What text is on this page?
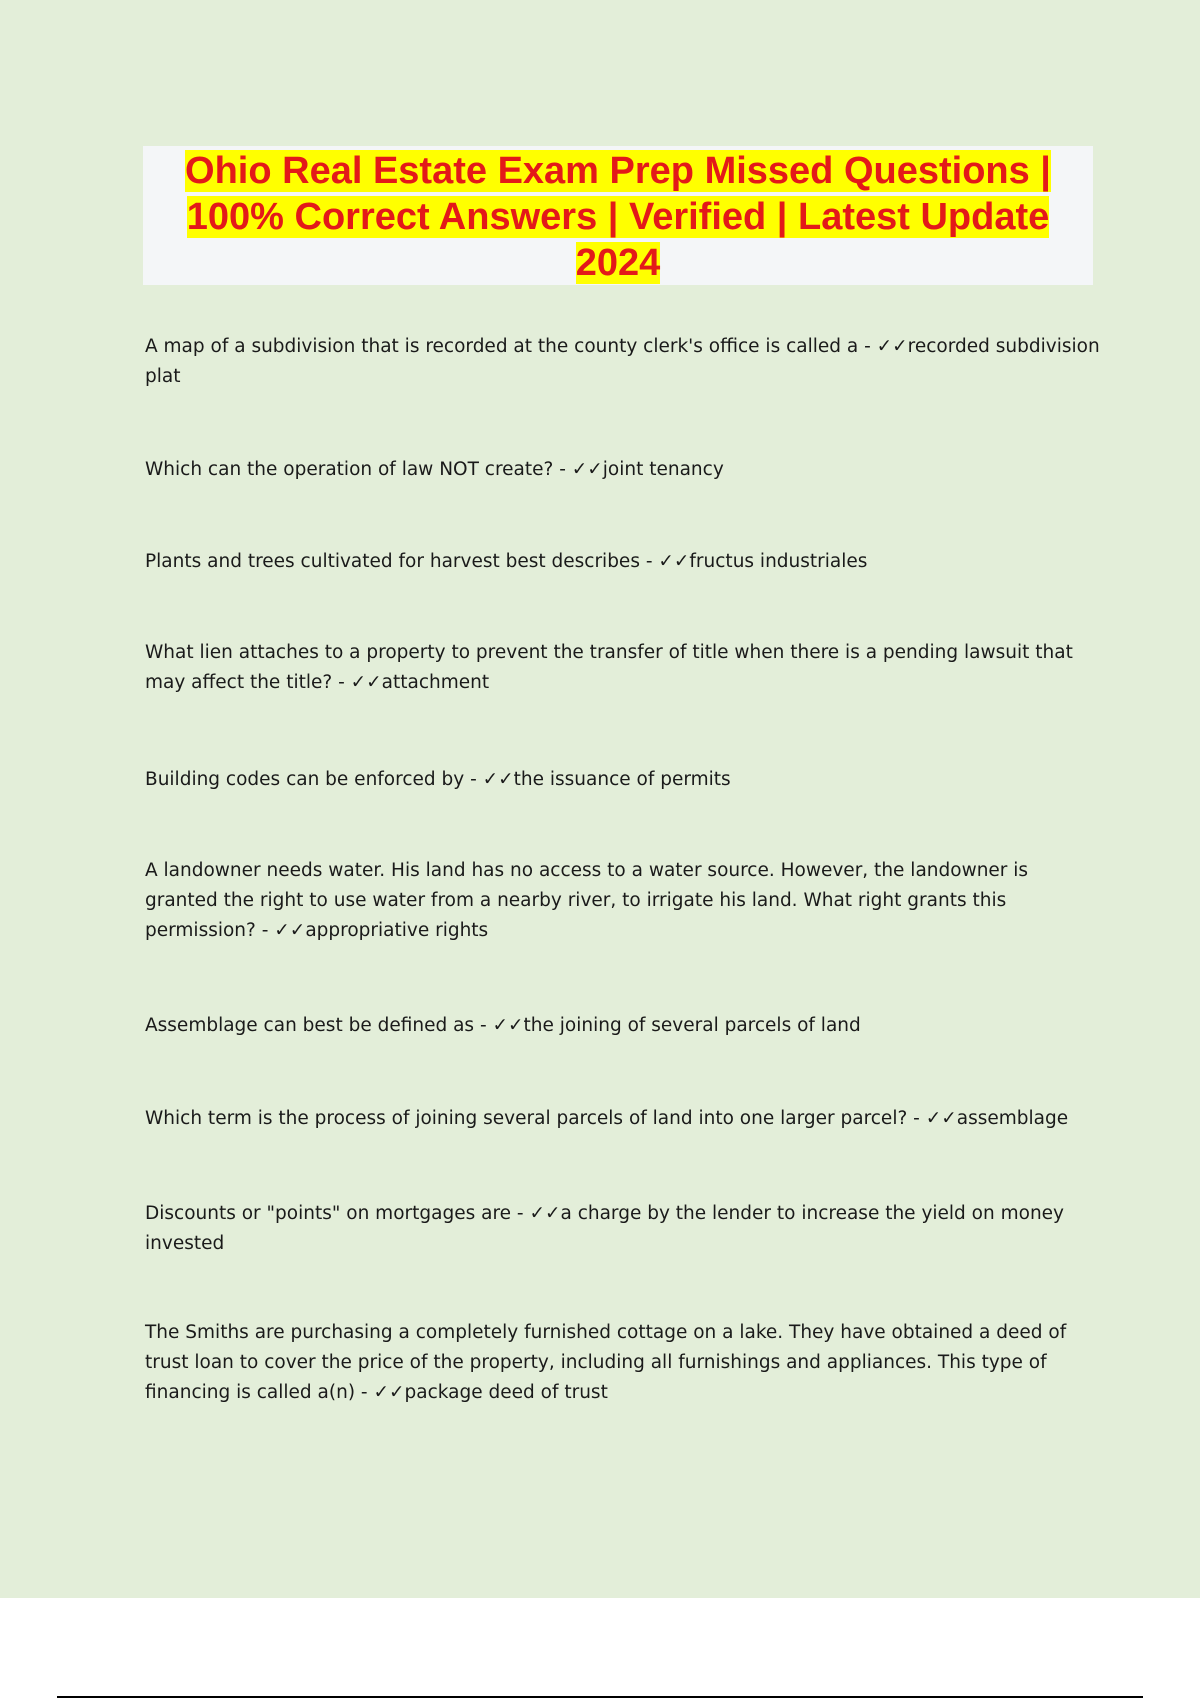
Ohio Real Estate Exam Prep Missed Questions | 100% Correct Answers | Verified | Latest Update 2024

A map of a subdivision that is recorded at the county clerk's office is called a - ✓✓recorded subdivision plat

Which can the operation of law NOT create? - ✓✓joint tenancy

Plants and trees cultivated for harvest best describes - ✓✓fructus industriales

What lien attaches to a property to prevent the transfer of title when there is a pending lawsuit that may affect the title? - ✓✓attachment

Building codes can be enforced by - ✓✓the issuance of permits

A landowner needs water. His land has no access to a water source. However, the landowner is granted the right to use water from a nearby river, to irrigate his land. What right grants this permission? - ✓✓appropriative rights

Assemblage can best be defined as - ✓✓the joining of several parcels of land

Which term is the process of joining several parcels of land into one larger parcel? - ✓✓assemblage

Discounts or "points" on mortgages are - ✓✓a charge by the lender to increase the yield on money invested

The Smiths are purchasing a completely furnished cottage on a lake. They have obtained a deed of trust loan to cover the price of the property, including all furnishings and appliances. This type of financing is called a(n) - ✓✓package deed of trust
